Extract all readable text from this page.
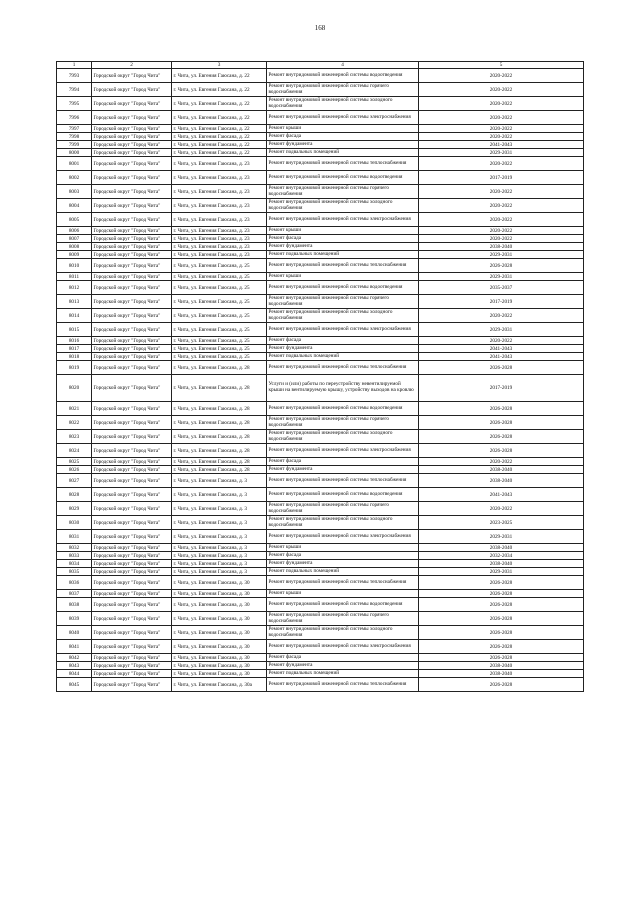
168
1	2	3	4	5
7993	Городской округ "Город Чита"	г. Чита, ул. Евгения Гаюсана, д. 22	Ремонт внутридомовой инженерной системы водоотведения	2020-2022
7994	Городской округ "Город Чита"	г. Чита, ул. Евгения Гаюсана, д. 22	Ремонт внутридомовой инженерной системы горячего водоснабжения	2020-2022
7995	Городской округ "Город Чита"	г. Чита, ул. Евгения Гаюсана, д. 22	Ремонт внутридомовой инженерной системы холодного водоснабжения	2020-2022
7996	Городской округ "Город Чита"	г. Чита, ул. Евгения Гаюсана, д. 22	Ремонт внутридомовой инженерной системы электроснабжения	2020-2022
7997	Городской округ "Город Чита"	г. Чита, ул. Евгения Гаюсана, д. 22	Ремонт крыши	2020-2022
7998	Городской округ "Город Чита"	г. Чита, ул. Евгения Гаюсана, д. 22	Ремонт фасада	2020-2022
7999	Городской округ "Город Чита"	г. Чита, ул. Евгения Гаюсана, д. 22	Ремонт фундамента	2041-2043
8000	Городской округ "Город Чита"	г. Чита, ул. Евгения Гаюсана, д. 22	Ремонт подвальных помещений	2029-2031
8001	Городской округ "Город Чита"	г. Чита, ул. Евгения Гаюсана, д. 23	Ремонт внутридомовой инженерной системы теплоснабжения	2020-2022
8002	Городской округ "Город Чита"	г. Чита, ул. Евгения Гаюсана, д. 23	Ремонт внутридомовой инженерной системы водоотведения	2017-2019
8003	Городской округ "Город Чита"	г. Чита, ул. Евгения Гаюсана, д. 23	Ремонт внутридомовой инженерной системы горячего водоснабжения	2020-2022
8004	Городской округ "Город Чита"	г. Чита, ул. Евгения Гаюсана, д. 23	Ремонт внутридомовой инженерной системы холодного водоснабжения	2020-2022
8005	Городской округ "Город Чита"	г. Чита, ул. Евгения Гаюсана, д. 23	Ремонт внутридомовой инженерной системы электроснабжения	2020-2022
8006	Городской округ "Город Чита"	г. Чита, ул. Евгения Гаюсана, д. 23	Ремонт крыши	2020-2022
8007	Городской округ "Город Чита"	г. Чита, ул. Евгения Гаюсана, д. 23	Ремонт фасада	2020-2022
8008	Городской округ "Город Чита"	г. Чита, ул. Евгения Гаюсана, д. 23	Ремонт фундамента	2038-2040
8009	Городской округ "Город Чита"	г. Чита, ул. Евгения Гаюсана, д. 23	Ремонт подвальных помещений	2029-2031
8010	Городской округ "Город Чита"	г. Чита, ул. Евгения Гаюсана, д. 25	Ремонт внутридомовой инженерной системы теплоснабжения	2026-2028
8011	Городской округ "Город Чита"	г. Чита, ул. Евгения Гаюсана, д. 25	Ремонт крыши	2029-2031
8012	Городской округ "Город Чита"	г. Чита, ул. Евгения Гаюсана, д. 25	Ремонт внутридомовой инженерной системы водоотведения	2035-2037
8013	Городской округ "Город Чита"	г. Чита, ул. Евгения Гаюсана, д. 25	Ремонт внутридомовой инженерной системы горячего водоснабжения	2017-2019
8014	Городской округ "Город Чита"	г. Чита, ул. Евгения Гаюсана, д. 25	Ремонт внутридомовой инженерной системы холодного водоснабжения	2020-2022
8015	Городской округ "Город Чита"	г. Чита, ул. Евгения Гаюсана, д. 25	Ремонт внутридомовой инженерной системы электроснабжения	2029-2031
8016	Городской округ "Город Чита"	г. Чита, ул. Евгения Гаюсана, д. 25	Ремонт фасада	2020-2022
8017	Городской округ "Город Чита"	г. Чита, ул. Евгения Гаюсана, д. 25	Ремонт фундамента	2041-2043
8018	Городской округ "Город Чита"	г. Чита, ул. Евгения Гаюсана, д. 25	Ремонт подвальных помещений	2041-2043
8019	Городской округ "Город Чита"	г. Чита, ул. Евгения Гаюсана, д. 28	Ремонт внутридомовой инженерной системы теплоснабжения	2026-2028
8020	Городской округ "Город Чита"	г. Чита, ул. Евгения Гаюсана, д. 28	Услуги и (или) работы по переустройству невентилируемой крыши на вентилируемую крышу, устройству выходов на кровлю	2017-2019
8021	Городской округ "Город Чита"	г. Чита, ул. Евгения Гаюсана, д. 28	Ремонт внутридомовой инженерной системы водоотведения	2026-2028
8022	Городской округ "Город Чита"	г. Чита, ул. Евгения Гаюсана, д. 28	Ремонт внутридомовой инженерной системы горячего водоснабжения	2026-2028
8023	Городской округ "Город Чита"	г. Чита, ул. Евгения Гаюсана, д. 28	Ремонт внутридомовой инженерной системы холодного водоснабжения	2026-2028
8024	Городской округ "Город Чита"	г. Чита, ул. Евгения Гаюсана, д. 28	Ремонт внутридомовой инженерной системы электроснабжения	2026-2028
8025	Городской округ "Город Чита"	г. Чита, ул. Евгения Гаюсана, д. 28	Ремонт фасада	2020-2022
8026	Городской округ "Город Чита"	г. Чита, ул. Евгения Гаюсана, д. 28	Ремонт фундамента	2038-2040
8027	Городской округ "Город Чита"	г. Чита, ул. Евгения Гаюсана, д. 3	Ремонт внутридомовой инженерной системы теплоснабжения	2038-2040
8028	Городской округ "Город Чита"	г. Чита, ул. Евгения Гаюсана, д. 3	Ремонт внутридомовой инженерной системы водоотведения	2041-2043
8029	Городской округ "Город Чита"	г. Чита, ул. Евгения Гаюсана, д. 3	Ремонт внутридомовой инженерной системы горячего водоснабжения	2020-2022
8030	Городской округ "Город Чита"	г. Чита, ул. Евгения Гаюсана, д. 3	Ремонт внутридомовой инженерной системы холодного водоснабжения	2023-2025
8031	Городской округ "Город Чита"	г. Чита, ул. Евгения Гаюсана, д. 3	Ремонт внутридомовой инженерной системы электроснабжения	2029-2031
8032	Городской округ "Город Чита"	г. Чита, ул. Евгения Гаюсана, д. 3	Ремонт крыши	2038-2040
8033	Городской округ "Город Чита"	г. Чита, ул. Евгения Гаюсана, д. 3	Ремонт фасада	2032-2034
8034	Городской округ "Город Чита"	г. Чита, ул. Евгения Гаюсана, д. 3	Ремонт фундамента	2038-2040
8035	Городской округ "Город Чита"	г. Чита, ул. Евгения Гаюсана, д. 3	Ремонт подвальных помещений	2029-2031
8036	Городской округ "Город Чита"	г. Чита, ул. Евгения Гаюсана, д. 30	Ремонт внутридомовой инженерной системы теплоснабжения	2026-2028
8037	Городской округ "Город Чита"	г. Чита, ул. Евгения Гаюсана, д. 30	Ремонт крыши	2026-2028
8038	Городской округ "Город Чита"	г. Чита, ул. Евгения Гаюсана, д. 30	Ремонт внутридомовой инженерной системы водоотведения	2026-2028
8039	Городской округ "Город Чита"	г. Чита, ул. Евгения Гаюсана, д. 30	Ремонт внутридомовой инженерной системы горячего водоснабжения	2026-2028
8040	Городской округ "Город Чита"	г. Чита, ул. Евгения Гаюсана, д. 30	Ремонт внутридомовой инженерной системы холодного водоснабжения	2026-2028
8041	Городской округ "Город Чита"	г. Чита, ул. Евгения Гаюсана, д. 30	Ремонт внутридомовой инженерной системы электроснабжения	2026-2028
8042	Городской округ "Город Чита"	г. Чита, ул. Евгения Гаюсана, д. 30	Ремонт фасада	2026-2028
8043	Городской округ "Город Чита"	г. Чита, ул. Евгения Гаюсана, д. 30	Ремонт фундамента	2038-2040
8044	Городской округ "Город Чита"	г. Чита, ул. Евгения Гаюсана, д. 30	Ремонт подвальных помещений	2038-2040
8045	Городской округ "Город Чита"	г. Чита, ул. Евгения Гаюсана, д. 30а	Ремонт внутридомовой инженерной системы теплоснабжения	2026-2028
